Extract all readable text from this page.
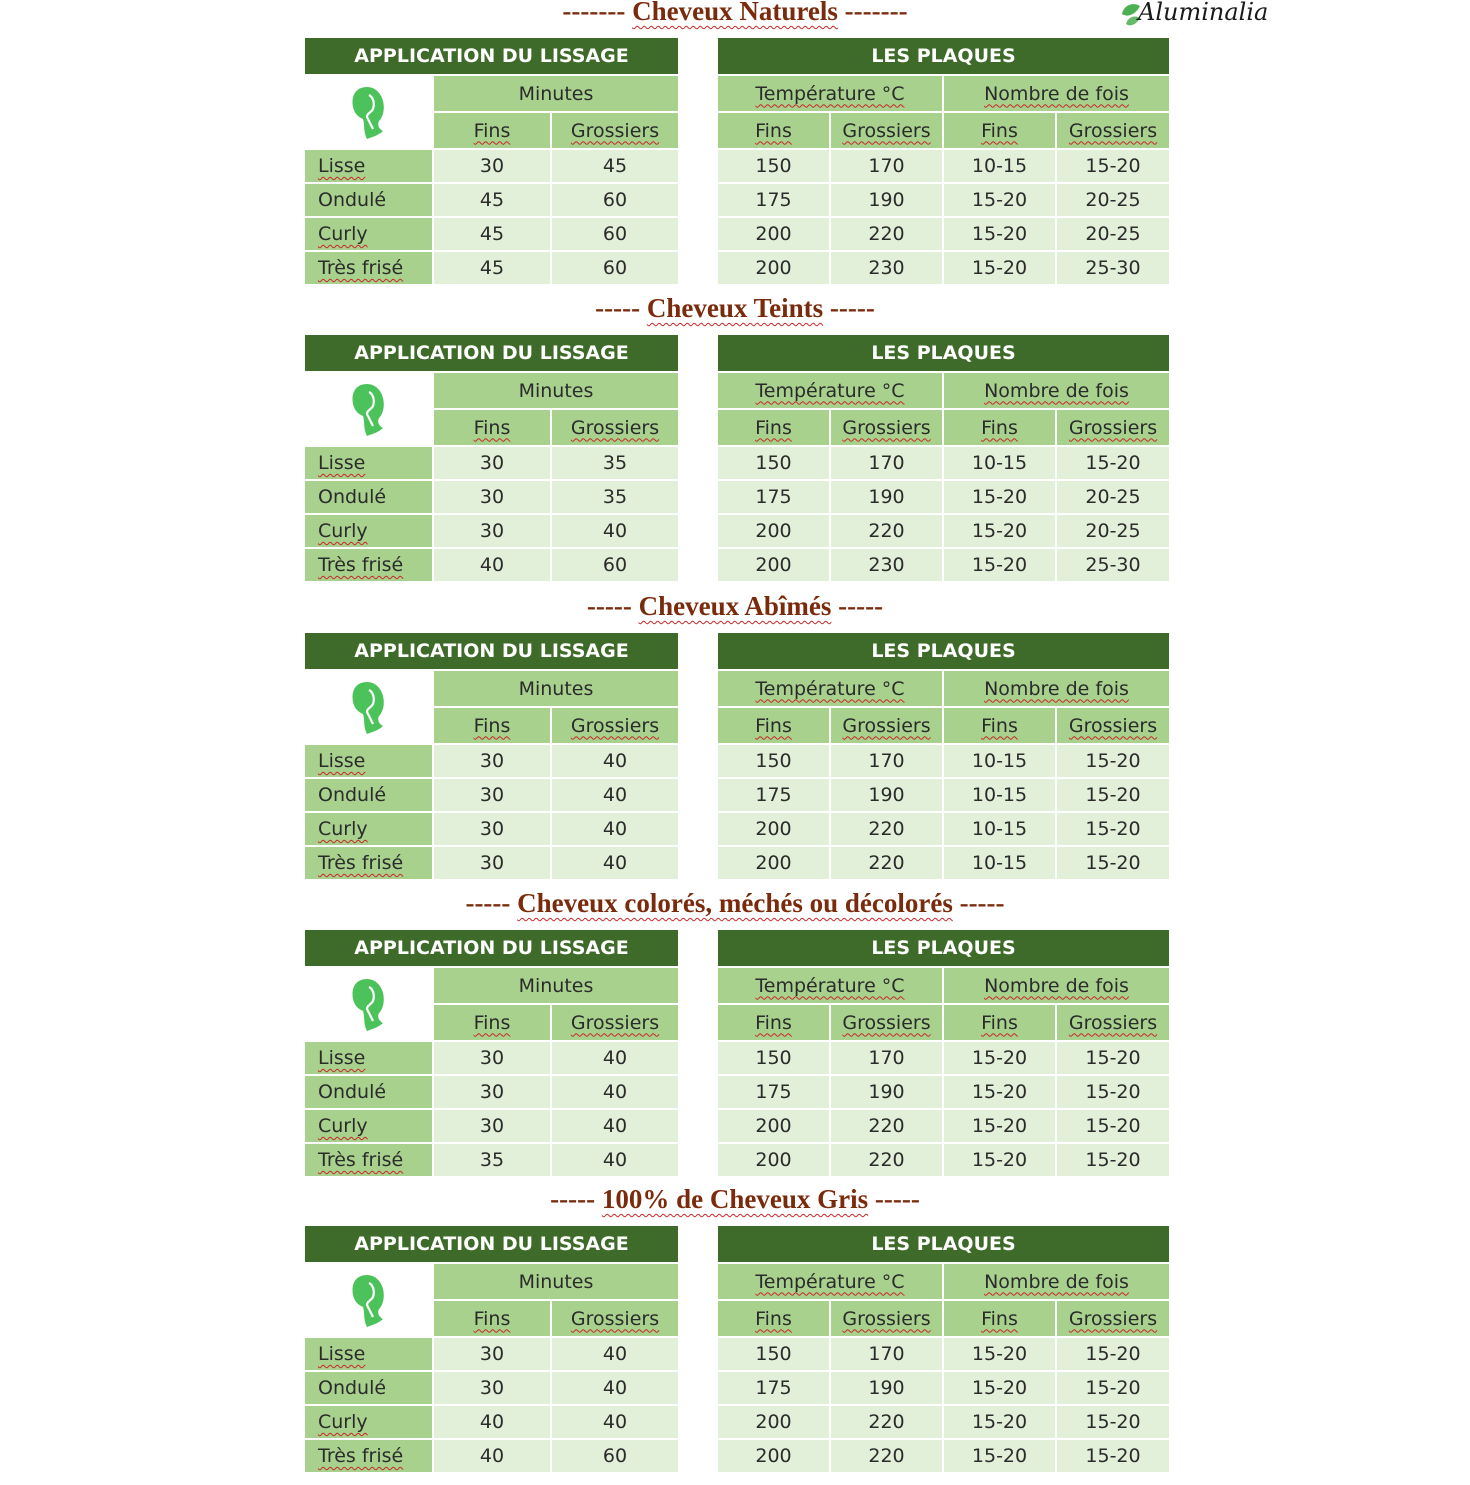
Aluminalia
------- Cheveux Naturels -------
APPLICATION DU LISSAGE
Minutes
Fins	Grossiers
Lisse	30	45
Ondulé	45	60
Curly	45	60
Très frisé	45	60
LES PLAQUES
Température °C	Nombre de fois
Fins	Grossiers	Fins	Grossiers
150	170	10-15	15-20
175	190	15-20	20-25
200	220	15-20	20-25
200	230	15-20	25-30
----- Cheveux Teints -----
APPLICATION DU LISSAGE
Minutes
Fins	Grossiers
Lisse	30	35
Ondulé	30	35
Curly	30	40
Très frisé	40	60
LES PLAQUES
Température °C	Nombre de fois
Fins	Grossiers	Fins	Grossiers
150	170	10-15	15-20
175	190	15-20	20-25
200	220	15-20	20-25
200	230	15-20	25-30
----- Cheveux Abîmés -----
APPLICATION DU LISSAGE
Minutes
Fins	Grossiers
Lisse	30	40
Ondulé	30	40
Curly	30	40
Très frisé	30	40
LES PLAQUES
Température °C	Nombre de fois
Fins	Grossiers	Fins	Grossiers
150	170	10-15	15-20
175	190	10-15	15-20
200	220	10-15	15-20
200	220	10-15	15-20
----- Cheveux colorés, méchés ou décolorés -----
APPLICATION DU LISSAGE
Minutes
Fins	Grossiers
Lisse	30	40
Ondulé	30	40
Curly	30	40
Très frisé	35	40
LES PLAQUES
Température °C	Nombre de fois
Fins	Grossiers	Fins	Grossiers
150	170	15-20	15-20
175	190	15-20	15-20
200	220	15-20	15-20
200	220	15-20	15-20
----- 100% de Cheveux Gris -----
APPLICATION DU LISSAGE
Minutes
Fins	Grossiers
Lisse	30	40
Ondulé	30	40
Curly	40	40
Très frisé	40	60
LES PLAQUES
Température °C	Nombre de fois
Fins	Grossiers	Fins	Grossiers
150	170	15-20	15-20
175	190	15-20	15-20
200	220	15-20	15-20
200	220	15-20	15-20
